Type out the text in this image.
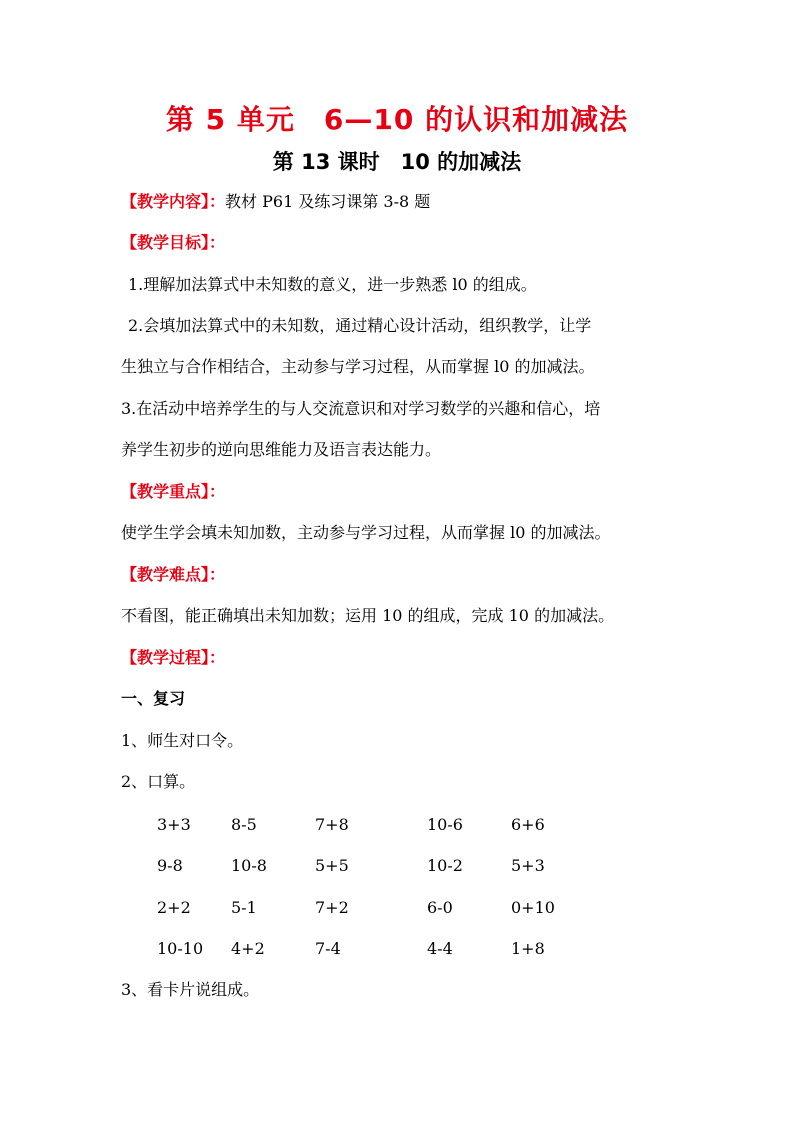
第 5 单元　6—10 的认识和加减法
第 13 课时　10 的加减法
【教学内容】：教材 P61 及练习课第 3-8 题
【教学目标】：
1.理解加法算式中未知数的意义，进一步熟悉 l0 的组成。
2.会填加法算式中的未知数，通过精心设计活动，组织教学，让学
生独立与合作相结合，主动参与学习过程，从而掌握 l0 的加减法。
3.在活动中培养学生的与人交流意识和对学习数学的兴趣和信心，培
养学生初步的逆向思维能力及语言表达能力。
【教学重点】：
使学生学会填未知加数，主动参与学习过程，从而掌握 l0 的加减法。
【教学难点】：
不看图，能正确填出未知加数；运用 10 的组成，完成 10 的加减法。
【教学过程】：
一、复习
1、师生对口令。
2、口算。
3+3	8-5	7+8	10-6	6+6
9-8	10-8	5+5	10-2	5+3
2+2	5-1	7+2	6-0	0+10
10-10 4+2	7-4	4-4	1+8
3、看卡片说组成。
